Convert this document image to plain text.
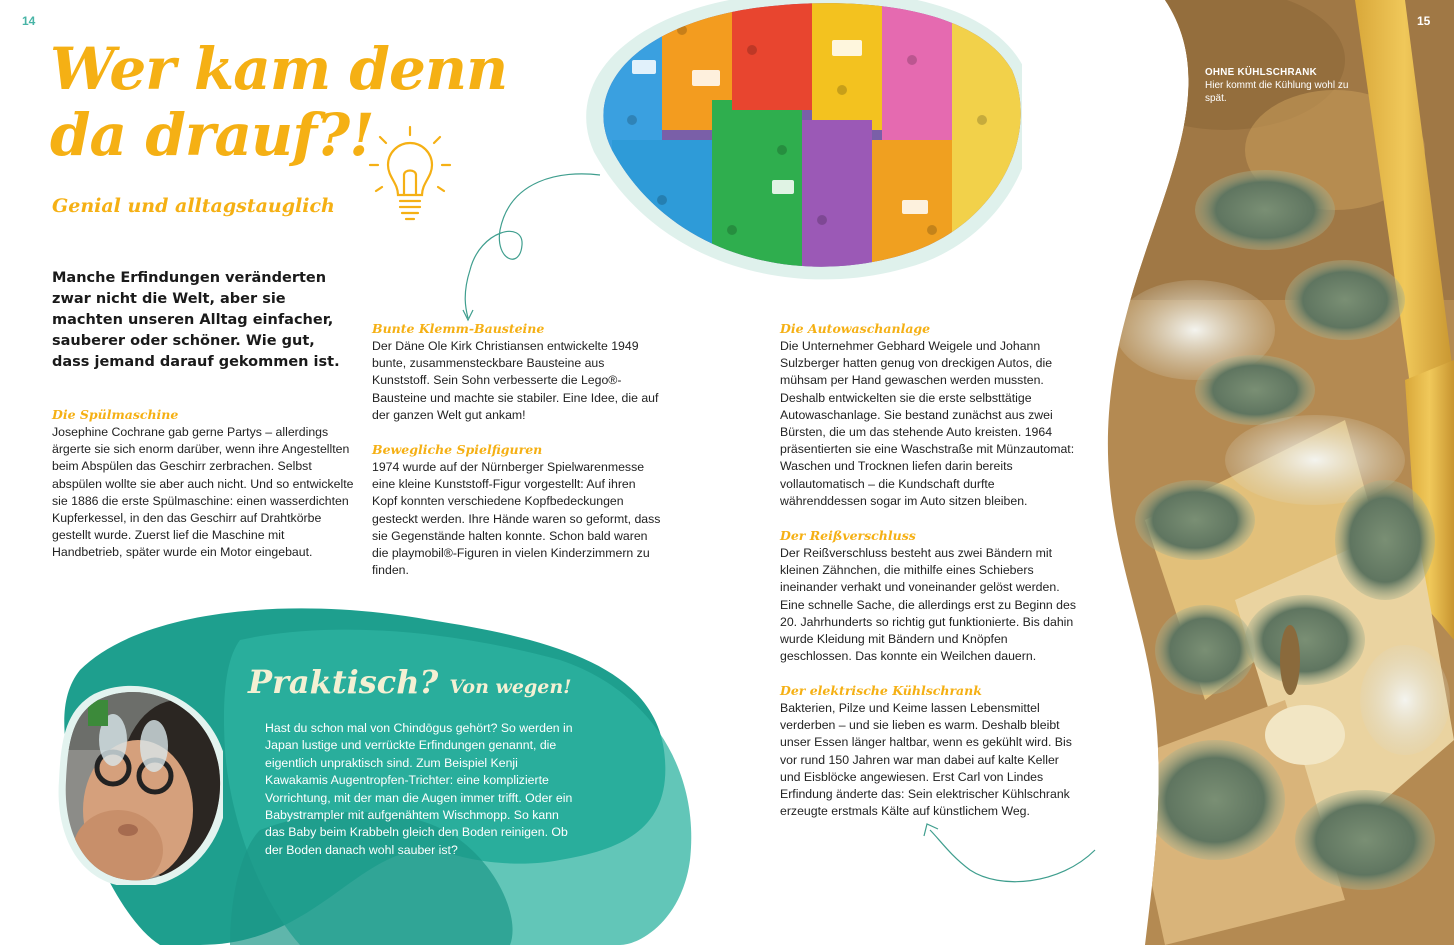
14	15
OHNE KÜHLSCHRANK
Hier kommt die Kühlung wohl zu spät.
Wer kam denn da drauf?!
Genial und alltagstauglich

Manche Erfindungen veränderten zwar nicht die Welt, aber sie machten unseren Alltag einfacher, sauberer oder schöner. Wie gut, dass jemand darauf gekommen ist.

Die Spülmaschine

Josephine Cochrane gab gerne Partys – allerdings ärgerte sie sich enorm darüber, wenn ihre Angestellten beim Abspülen das Geschirr zerbrachen. Selbst abspülen wollte sie aber auch nicht. Und so entwickelte sie 1886 die erste Spülmaschine: einen wasserdichten Kupferkessel, in den das Geschirr auf Drahtkörbe gestellt wurde. Zuerst lief die Maschine mit Handbetrieb, später wurde ein Motor eingebaut.

Bunte Klemm-Bausteine

Der Däne Ole Kirk Christiansen entwickelte 1949 bunte, zusammensteckbare Bausteine aus Kunststoff. Sein Sohn verbesserte die Lego®-Bausteine und machte sie stabiler. Eine Idee, die auf der ganzen Welt gut ankam!

Bewegliche Spielfiguren

1974 wurde auf der Nürnberger Spielwarenmesse eine kleine Kunststoff-Figur vorgestellt: Auf ihren Kopf konnten verschiedene Kopfbedeckungen gesteckt werden. Ihre Hände waren so geformt, dass sie Gegenstände halten konnte. Schon bald waren die playmobil®-Figuren in vielen Kinderzimmern zu finden.

Die Autowaschanlage

Die Unternehmer Gebhard Weigele und Johann Sulzberger hatten genug von dreckigen Autos, die mühsam per Hand gewaschen werden mussten. Deshalb entwickelten sie die erste selbsttätige Autowaschanlage. Sie bestand zunächst aus zwei Bürsten, die um das stehende Auto kreisten. 1964 präsentierten sie eine Waschstraße mit Münzautomat: Waschen und Trocknen liefen darin bereits vollautomatisch – die Kundschaft durfte währenddessen sogar im Auto sitzen bleiben.

Der Reißverschluss

Der Reißverschluss besteht aus zwei Bändern mit kleinen Zähnchen, die mithilfe eines Schiebers ineinander verhakt und voneinander gelöst werden. Eine schnelle Sache, die allerdings erst zu Beginn des 20. Jahrhunderts so richtig gut funktionierte. Bis dahin wurde Kleidung mit Bändern und Knöpfen geschlossen. Das konnte ein Weilchen dauern.

Der elektrische Kühlschrank

Bakterien, Pilze und Keime lassen Lebensmittel verderben – und sie lieben es warm. Deshalb bleibt unser Essen länger haltbar, wenn es gekühlt wird. Bis vor rund 150 Jahren war man dabei auf kalte Keller und Eisblöcke angewiesen. Erst Carl von Lindes Erfindung änderte das: Sein elektrischer Kühlschrank erzeugte erstmals Kälte auf künstlichem Weg.

Praktisch? Von wegen!

Hast du schon mal von Chindōgus gehört? So werden in Japan lustige und verrückte Erfindungen genannt, die eigentlich unpraktisch sind. Zum Beispiel Kenji Kawakamis Augentropfen-Trichter: eine komplizierte Vorrichtung, mit der man die Augen immer trifft. Oder ein Babystrampler mit aufgenähtem Wischmopp. So kann das Baby beim Krabbeln gleich den Boden reinigen. Ob der Boden danach wohl sauber ist?
